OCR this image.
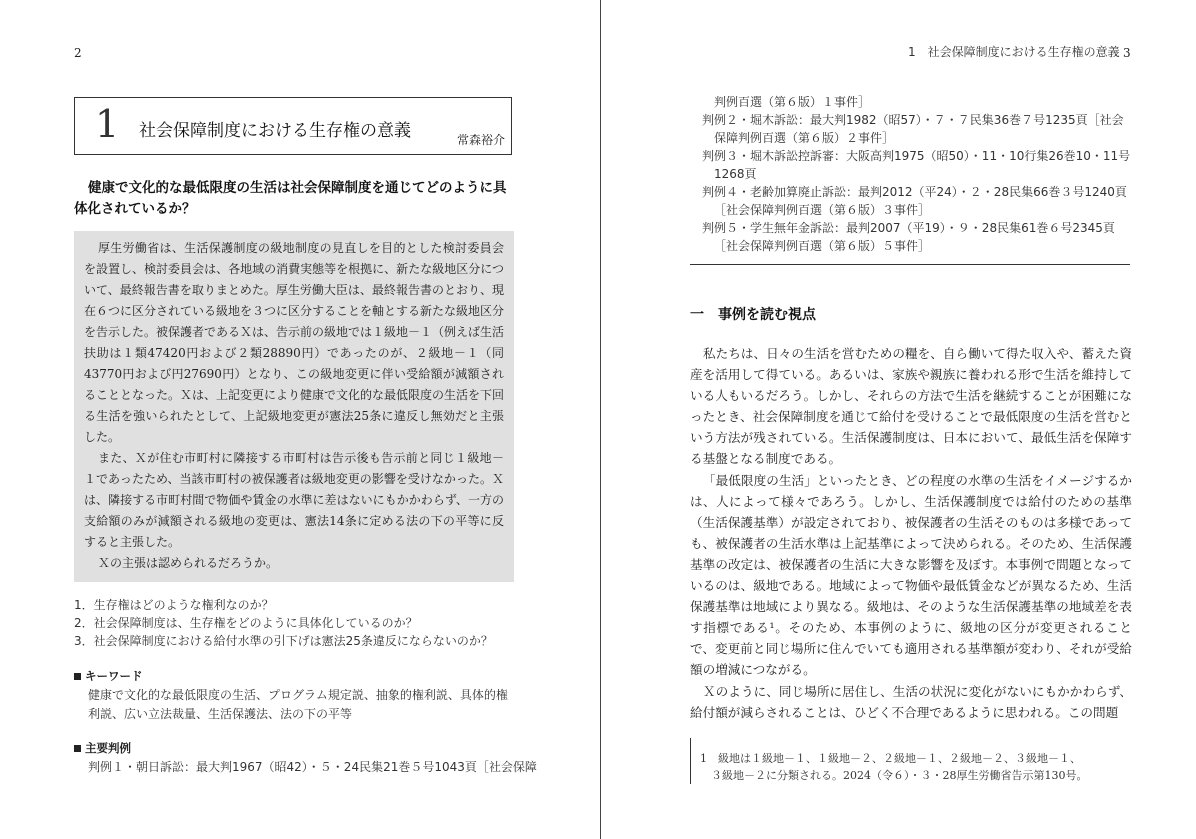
2
1 社会保障制度における生存権の意義	常森裕介
健康で文化的な最低限度の生活は社会保障制度を通じてどのように具体化されているか？

厚生労働省は、生活保護制度の級地制度の見直しを目的とした検討委員会を設置し、検討委員会は、各地域の消費実態等を根拠に、新たな級地区分について、最終報告書を取りまとめた。厚生労働大臣は、最終報告書のとおり、現在６つに区分されている級地を３つに区分することを軸とする新たな級地区分を告示した。被保護者であるＸは、告示前の級地では１級地－１（例えば生活扶助は１類47420円および２類28890円）であったのが、２級地－１（同43770円および円27690円）となり、この級地変更に伴い受給額が減額されることとなった。Ｘは、上記変更により健康で文化的な最低限度の生活を下回る生活を強いられたとして、上記級地変更が憲法25条に違反し無効だと主張した。

また、Ｘが住む市町村に隣接する市町村は告示後も告示前と同じ１級地－１であったため、当該市町村の被保護者は級地変更の影響を受けなかった。Ｘは、隣接する市町村間で物価や賃金の水準に差はないにもかかわらず、一方の支給額のみが減額される級地の変更は、憲法14条に定める法の下の平等に反すると主張した。

Ｘの主張は認められるだろうか。

1．生存権はどのような権利なのか？
2．社会保障制度は、生存権をどのように具体化しているのか？
3．社会保障制度における給付水準の引下げは憲法25条違反にならないのか？
キーワード
健康で文化的な最低限度の生活、プログラム規定説、抽象的権利説、具体的権利説、広い立法裁量、生活保護法、法の下の平等
主要判例
判例１・朝日訴訟：最大判1967（昭42）・５・24民集21巻５号1043頁［社会保障
1　社会保障制度における生存権の意義 3
判例百選（第６版）１事件］
判例２・堀木訴訟：最大判1982（昭57）・７・７民集36巻７号1235頁［社会保障判例百選（第６版）２事件］
判例３・堀木訴訟控訴審：大阪高判1975（昭50）・11・10行集26巻10・11号1268頁
判例４・老齢加算廃止訴訟：最判2012（平24）・２・28民集66巻３号1240頁［社会保障判例百選（第６版）３事件］
判例５・学生無年金訴訟：最判2007（平19）・９・28民集61巻６号2345頁［社会保障判例百選（第６版）５事件］
一　事例を読む視点

私たちは、日々の生活を営むための糧を、自ら働いて得た収入や、蓄えた資産を活用して得ている。あるいは、家族や親族に養われる形で生活を維持している人もいるだろう。しかし、それらの方法で生活を継続することが困難になったとき、社会保障制度を通じて給付を受けることで最低限度の生活を営むという方法が残されている。生活保護制度は、日本において、最低生活を保障する基盤となる制度である。

「最低限度の生活」といったとき、どの程度の水準の生活をイメージするかは、人によって様々であろう。しかし、生活保護制度では給付のための基準（生活保護基準）が設定されており、被保護者の生活そのものは多様であっても、被保護者の生活水準は上記基準によって決められる。そのため、生活保護基準の改定は、被保護者の生活に大きな影響を及ぼす。本事例で問題となっているのは、級地である。地域によって物価や最低賃金などが異なるため、生活保護基準は地域により異なる。級地は、そのような生活保護基準の地域差を表す指標である¹。そのため、本事例のように、級地の区分が変更されることで、変更前と同じ場所に住んでいても適用される基準額が変わり、それが受給額の増減につながる。

Ｘのように、同じ場所に居住し、生活の状況に変化がないにもかかわらず、給付額が減らされることは、ひどく不合理であるように思われる。この問題

1　級地は１級地－１、１級地－２、２級地－１、２級地－２、３級地－１、
３級地－２に分類される。2024（令６）・３・28厚生労働省告示第130号。
